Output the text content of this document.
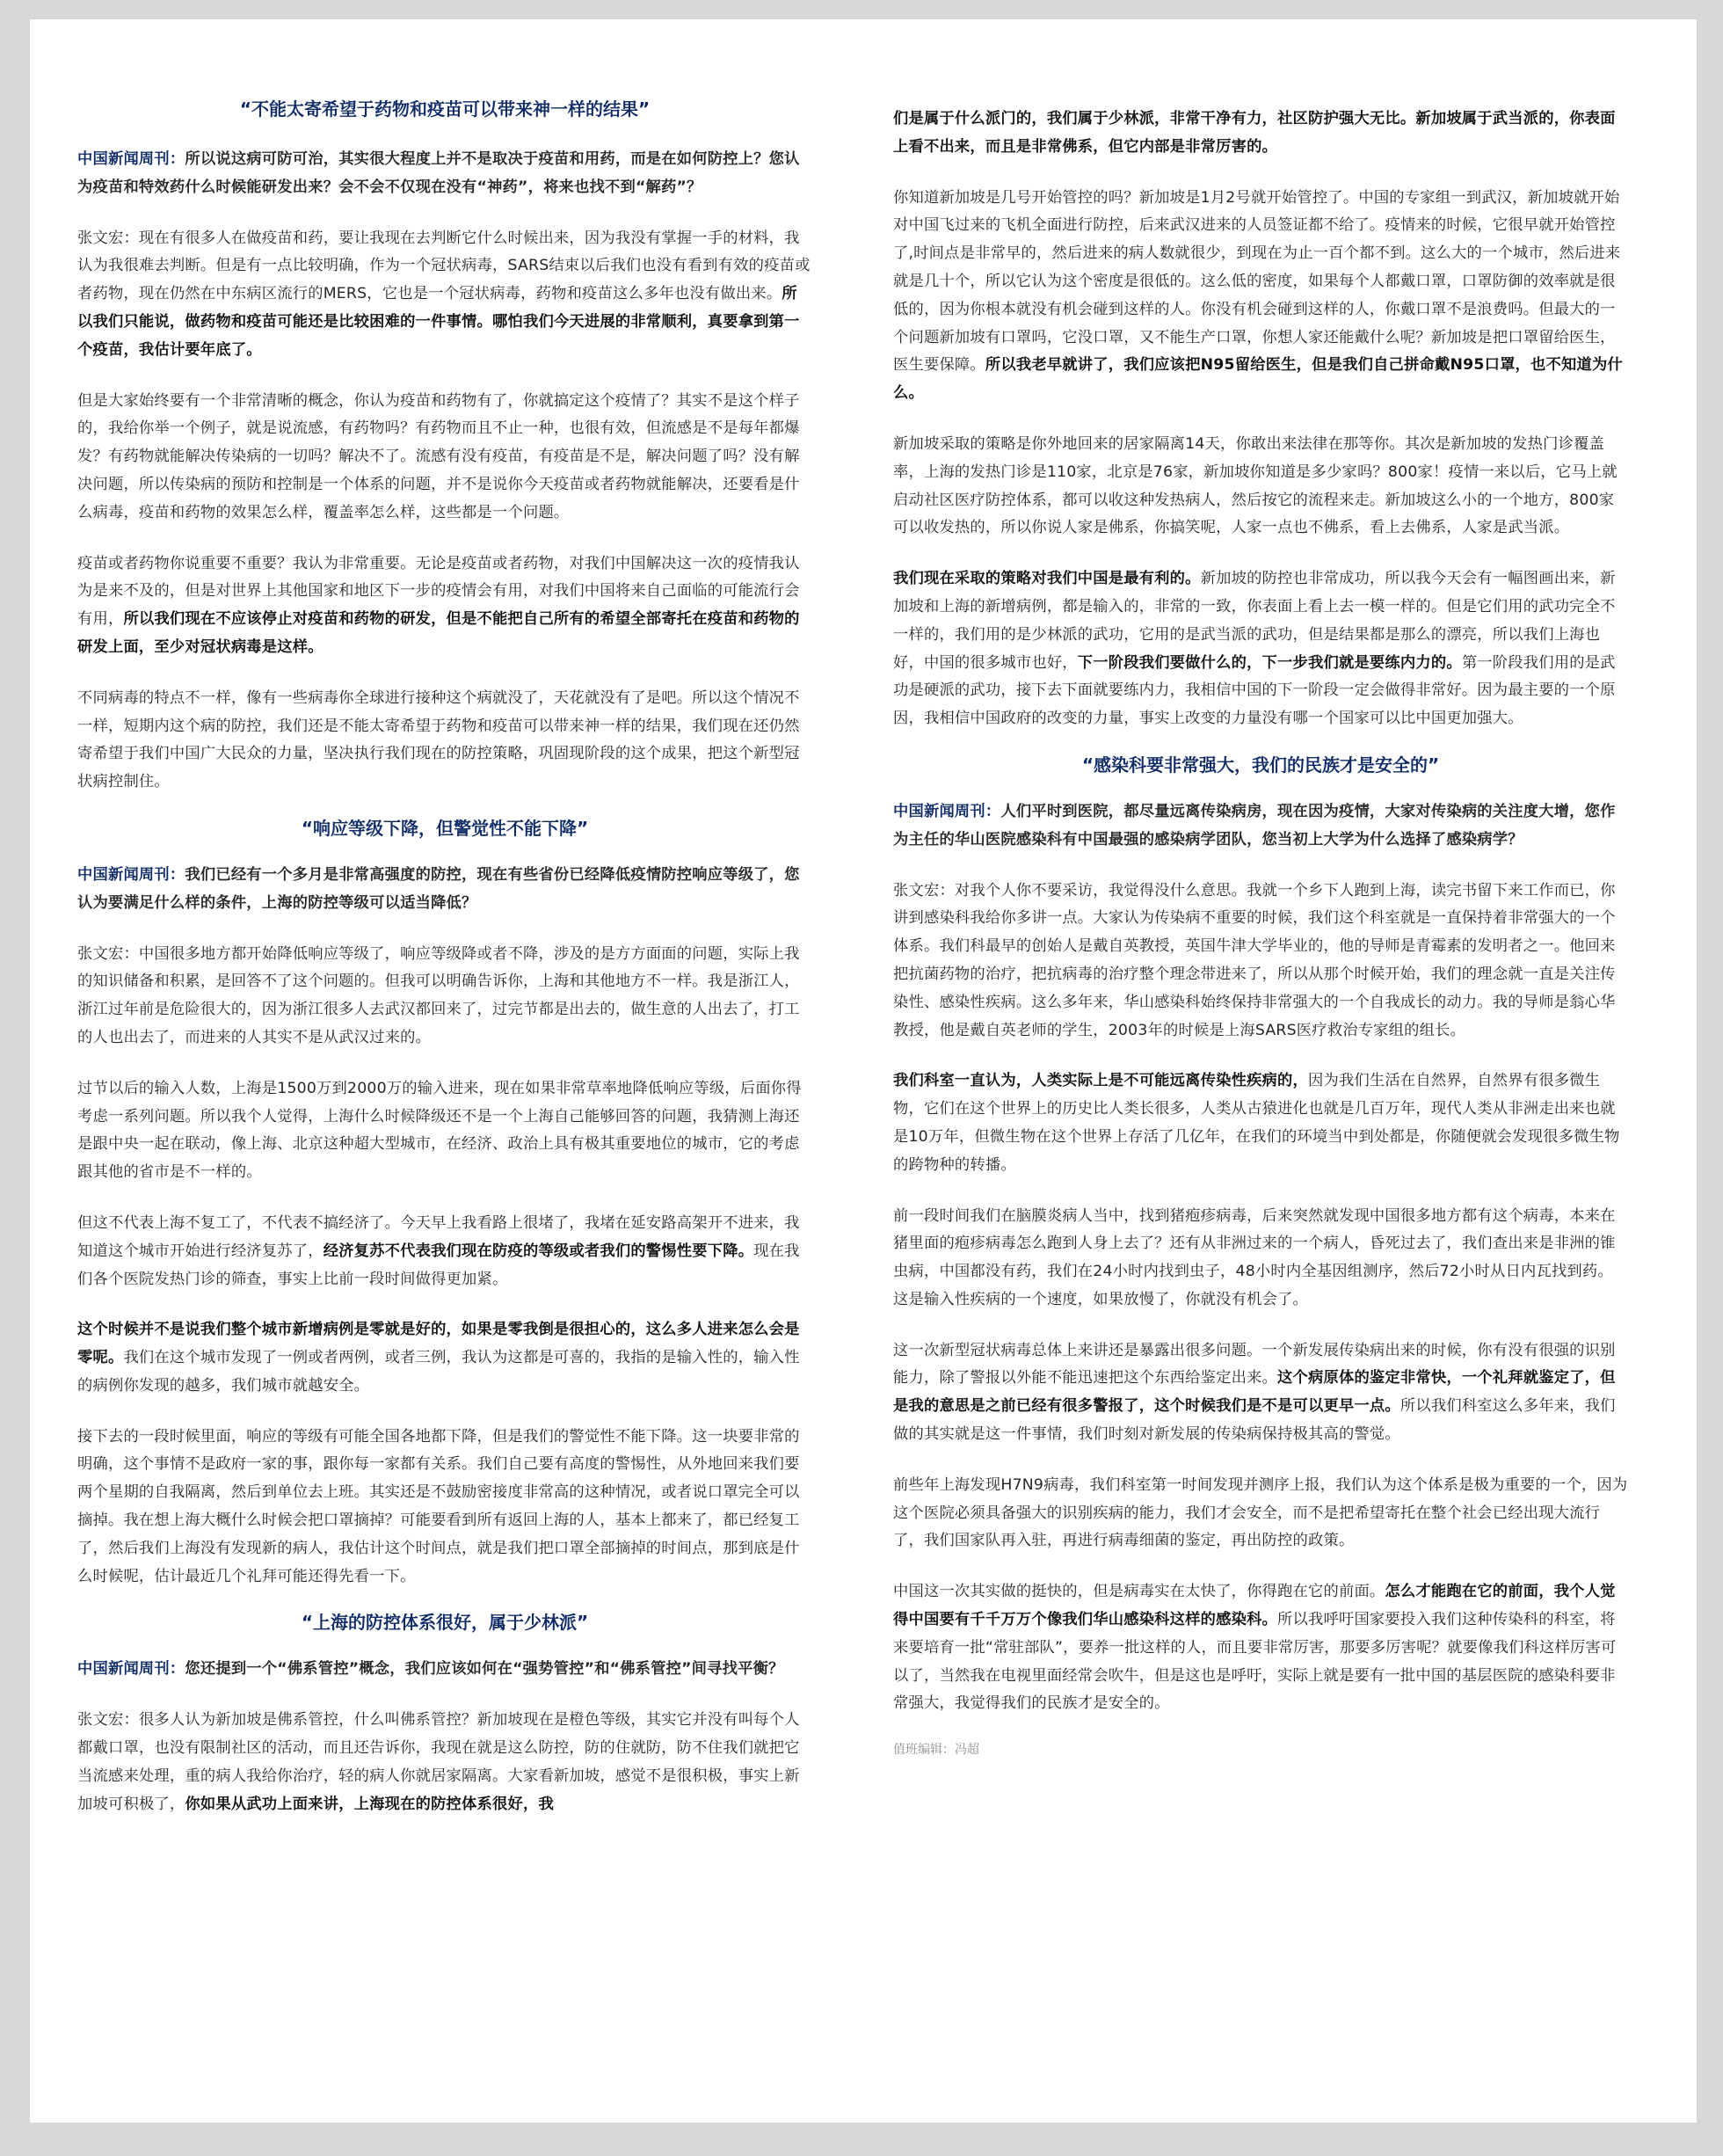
“不能太寄希望于药物和疫苗可以带来神一样的结果”

中国新闻周刊：所以说这病可防可治，其实很大程度上并不是取决于疫苗和用药，而是在如何防控上？您认为疫苗和特效药什么时候能研发出来？会不会不仅现在没有“神药”，将来也找不到“解药”？

张文宏：现在有很多人在做疫苗和药，要让我现在去判断它什么时候出来，因为我没有掌握一手的材料，我认为我很难去判断。但是有一点比较明确，作为一个冠状病毒，SARS结束以后我们也没有看到有效的疫苗或者药物，现在仍然在中东病区流行的MERS，它也是一个冠状病毒，药物和疫苗这么多年也没有做出来。所以我们只能说，做药物和疫苗可能还是比较困难的一件事情。哪怕我们今天进展的非常顺利，真要拿到第一个疫苗，我估计要年底了。

但是大家始终要有一个非常清晰的概念，你认为疫苗和药物有了，你就搞定这个疫情了？其实不是这个样子的，我给你举一个例子，就是说流感，有药物吗？有药物而且不止一种，也很有效，但流感是不是每年都爆发？有药物就能解决传染病的一切吗？解决不了。流感有没有疫苗，有疫苗是不是，解决问题了吗？没有解决问题，所以传染病的预防和控制是一个体系的问题，并不是说你今天疫苗或者药物就能解决，还要看是什么病毒，疫苗和药物的效果怎么样，覆盖率怎么样，这些都是一个问题。

疫苗或者药物你说重要不重要？我认为非常重要。无论是疫苗或者药物，对我们中国解决这一次的疫情我认为是来不及的，但是对世界上其他国家和地区下一步的疫情会有用，对我们中国将来自己面临的可能流行会有用，所以我们现在不应该停止对疫苗和药物的研发，但是不能把自己所有的希望全部寄托在疫苗和药物的研发上面，至少对冠状病毒是这样。

不同病毒的特点不一样，像有一些病毒你全球进行接种这个病就没了，天花就没有了是吧。所以这个情况不一样，短期内这个病的防控，我们还是不能太寄希望于药物和疫苗可以带来神一样的结果，我们现在还仍然寄希望于我们中国广大民众的力量，坚决执行我们现在的防控策略，巩固现阶段的这个成果，把这个新型冠状病控制住。

“响应等级下降，但警觉性不能下降”

中国新闻周刊：我们已经有一个多月是非常高强度的防控，现在有些省份已经降低疫情防控响应等级了，您认为要满足什么样的条件，上海的防控等级可以适当降低？

张文宏：中国很多地方都开始降低响应等级了，响应等级降或者不降，涉及的是方方面面的问题，实际上我的知识储备和积累，是回答不了这个问题的。但我可以明确告诉你，上海和其他地方不一样。我是浙江人，浙江过年前是危险很大的，因为浙江很多人去武汉都回来了，过完节都是出去的，做生意的人出去了，打工的人也出去了，而进来的人其实不是从武汉过来的。

过节以后的输入人数，上海是1500万到2000万的输入进来，现在如果非常草率地降低响应等级，后面你得考虑一系列问题。所以我个人觉得，上海什么时候降级还不是一个上海自己能够回答的问题，我猜测上海还是跟中央一起在联动，像上海、北京这种超大型城市，在经济、政治上具有极其重要地位的城市，它的考虑跟其他的省市是不一样的。

但这不代表上海不复工了，不代表不搞经济了。今天早上我看路上很堵了，我堵在延安路高架开不进来，我知道这个城市开始进行经济复苏了，经济复苏不代表我们现在防疫的等级或者我们的警惕性要下降。现在我们各个医院发热门诊的筛查，事实上比前一段时间做得更加紧。

这个时候并不是说我们整个城市新增病例是零就是好的，如果是零我倒是很担心的，这么多人进来怎么会是零呢。我们在这个城市发现了一例或者两例，或者三例，我认为这都是可喜的，我指的是输入性的，输入性的病例你发现的越多，我们城市就越安全。

接下去的一段时候里面，响应的等级有可能全国各地都下降，但是我们的警觉性不能下降。这一块要非常的明确，这个事情不是政府一家的事，跟你每一家都有关系。我们自己要有高度的警惕性，从外地回来我们要两个星期的自我隔离，然后到单位去上班。其实还是不鼓励密接度非常高的这种情况，或者说口罩完全可以摘掉。我在想上海大概什么时候会把口罩摘掉？可能要看到所有返回上海的人，基本上都来了，都已经复工了，然后我们上海没有发现新的病人，我估计这个时间点，就是我们把口罩全部摘掉的时间点，那到底是什么时候呢，估计最近几个礼拜可能还得先看一下。

“上海的防控体系很好，属于少林派”

中国新闻周刊：您还提到一个“佛系管控”概念，我们应该如何在“强势管控”和“佛系管控”间寻找平衡？

张文宏：很多人认为新加坡是佛系管控，什么叫佛系管控？新加坡现在是橙色等级，其实它并没有叫每个人都戴口罩，也没有限制社区的活动，而且还告诉你，我现在就是这么防控，防的住就防，防不住我们就把它当流感来处理，重的病人我给你治疗，轻的病人你就居家隔离。大家看新加坡，感觉不是很积极，事实上新加坡可积极了，你如果从武功上面来讲，上海现在的防控体系很好，我

们是属于什么派门的，我们属于少林派，非常干净有力，社区防护强大无比。新加坡属于武当派的，你表面上看不出来，而且是非常佛系，但它内部是非常厉害的。

你知道新加坡是几号开始管控的吗？新加坡是1月2号就开始管控了。中国的专家组一到武汉，新加坡就开始对中国飞过来的飞机全面进行防控，后来武汉进来的人员签证都不给了。疫情来的时候，它很早就开始管控了,时间点是非常早的，然后进来的病人数就很少，到现在为止一百个都不到。这么大的一个城市，然后进来就是几十个，所以它认为这个密度是很低的。这么低的密度，如果每个人都戴口罩，口罩防御的效率就是很低的，因为你根本就没有机会碰到这样的人。你没有机会碰到这样的人，你戴口罩不是浪费吗。但最大的一个问题新加坡有口罩吗，它没口罩，又不能生产口罩，你想人家还能戴什么呢？新加坡是把口罩留给医生，医生要保障。所以我老早就讲了，我们应该把N95留给医生，但是我们自己拼命戴N95口罩，也不知道为什么。

新加坡采取的策略是你外地回来的居家隔离14天，你敢出来法律在那等你。其次是新加坡的发热门诊覆盖率，上海的发热门诊是110家，北京是76家，新加坡你知道是多少家吗？800家！疫情一来以后，它马上就启动社区医疗防控体系，都可以收这种发热病人，然后按它的流程来走。新加坡这么小的一个地方，800家可以收发热的，所以你说人家是佛系，你搞笑呢，人家一点也不佛系，看上去佛系，人家是武当派。

我们现在采取的策略对我们中国是最有利的。新加坡的防控也非常成功，所以我今天会有一幅图画出来，新加坡和上海的新增病例，都是输入的，非常的一致，你表面上看上去一模一样的。但是它们用的武功完全不一样的，我们用的是少林派的武功，它用的是武当派的武功，但是结果都是那么的漂亮，所以我们上海也好，中国的很多城市也好，下一阶段我们要做什么的，下一步我们就是要练内力的。第一阶段我们用的是武功是硬派的武功，接下去下面就要练内力，我相信中国的下一阶段一定会做得非常好。因为最主要的一个原因，我相信中国政府的改变的力量，事实上改变的力量没有哪一个国家可以比中国更加强大。

“感染科要非常强大，我们的民族才是安全的”

中国新闻周刊：人们平时到医院，都尽量远离传染病房，现在因为疫情，大家对传染病的关注度大增，您作为主任的华山医院感染科有中国最强的感染病学团队，您当初上大学为什么选择了感染病学？

张文宏：对我个人你不要采访，我觉得没什么意思。我就一个乡下人跑到上海，读完书留下来工作而已，你讲到感染科我给你多讲一点。大家认为传染病不重要的时候，我们这个科室就是一直保持着非常强大的一个体系。我们科最早的创始人是戴自英教授，英国牛津大学毕业的，他的导师是青霉素的发明者之一。他回来把抗菌药物的治疗，把抗病毒的治疗整个理念带进来了，所以从那个时候开始，我们的理念就一直是关注传染性、感染性疾病。这么多年来，华山感染科始终保持非常强大的一个自我成长的动力。我的导师是翁心华教授，他是戴自英老师的学生，2003年的时候是上海SARS医疗救治专家组的组长。

我们科室一直认为，人类实际上是不可能远离传染性疾病的，因为我们生活在自然界，自然界有很多微生物，它们在这个世界上的历史比人类长很多，人类从古猿进化也就是几百万年，现代人类从非洲走出来也就是10万年，但微生物在这个世界上存活了几亿年，在我们的环境当中到处都是，你随便就会发现很多微生物的跨物种的转播。

前一段时间我们在脑膜炎病人当中，找到猪疱疹病毒，后来突然就发现中国很多地方都有这个病毒，本来在猪里面的疱疹病毒怎么跑到人身上去了？还有从非洲过来的一个病人，昏死过去了，我们查出来是非洲的锥虫病，中国都没有药，我们在24小时内找到虫子，48小时内全基因组测序，然后72小时从日内瓦找到药。这是输入性疾病的一个速度，如果放慢了，你就没有机会了。

这一次新型冠状病毒总体上来讲还是暴露出很多问题。一个新发展传染病出来的时候，你有没有很强的识别能力，除了警报以外能不能迅速把这个东西给鉴定出来。这个病原体的鉴定非常快，一个礼拜就鉴定了，但是我的意思是之前已经有很多警报了，这个时候我们是不是可以更早一点。所以我们科室这么多年来，我们做的其实就是这一件事情，我们时刻对新发展的传染病保持极其高的警觉。

前些年上海发现H7N9病毒，我们科室第一时间发现并测序上报，我们认为这个体系是极为重要的一个，因为这个医院必须具备强大的识别疾病的能力，我们才会安全，而不是把希望寄托在整个社会已经出现大流行了，我们国家队再入驻，再进行病毒细菌的鉴定，再出防控的政策。

中国这一次其实做的挺快的，但是病毒实在太快了，你得跑在它的前面。怎么才能跑在它的前面，我个人觉得中国要有千千万万个像我们华山感染科这样的感染科。所以我呼吁国家要投入我们这种传染科的科室，将来要培育一批“常驻部队”，要养一批这样的人，而且要非常厉害，那要多厉害呢？就要像我们科这样厉害可以了，当然我在电视里面经常会吹牛，但是这也是呼吁，实际上就是要有一批中国的基层医院的感染科要非常强大，我觉得我们的民族才是安全的。

值班编辑：冯超
